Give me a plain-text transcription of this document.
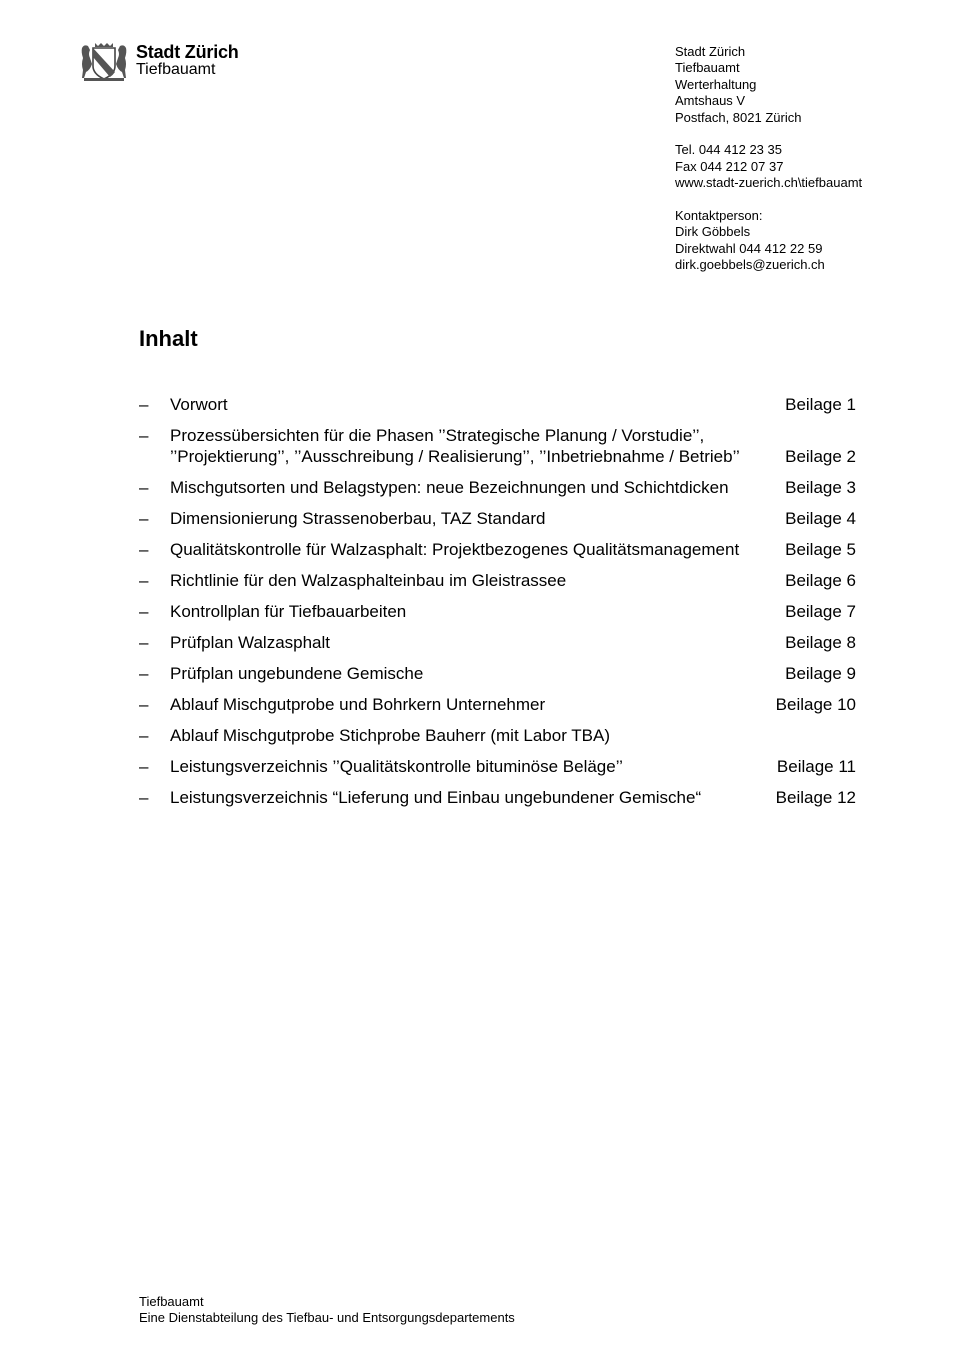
Stadt Zürich
Tiefbauamt
Stadt Zürich
Tiefbauamt
Werterhaltung
Amtshaus V
Postfach, 8021 Zürich
Tel. 044 412 23 35
Fax 044 212 07 37
www.stadt-zuerich.ch\tiefbauamt
Kontaktperson:
Dirk Göbbels
Direktwahl 044 412 22 59
dirk.goebbels@zuerich.ch
Inhalt
– Vorwort	Beilage 1
– Prozessübersichten für die Phasen ’’Strategische Planung / Vorstudie’’,
’’Projektierung’’, ’’Ausschreibung / Realisierung’’, ’’Inbetriebnahme / Betrieb’’	Beilage 2
– Mischgutsorten und Belagstypen: neue Bezeichnungen und Schichtdicken	Beilage 3
– Dimensionierung Strassenoberbau, TAZ Standard	Beilage 4
– Qualitätskontrolle für Walzasphalt: Projektbezogenes Qualitätsmanagement	Beilage 5
– Richtlinie für den Walzasphalteinbau im Gleistrassee	Beilage 6
– Kontrollplan für Tiefbauarbeiten	Beilage 7
– Prüfplan Walzasphalt	Beilage 8
– Prüfplan ungebundene Gemische	Beilage 9
– Ablauf Mischgutprobe und Bohrkern Unternehmer	Beilage 10
– Ablauf Mischgutprobe Stichprobe Bauherr (mit Labor TBA)
– Leistungsverzeichnis ’’Qualitätskontrolle bituminöse Beläge’’	Beilage 11
– Leistungsverzeichnis “Lieferung und Einbau ungebundener Gemische“	Beilage 12
Tiefbauamt
Eine Dienstabteilung des Tiefbau- und Entsorgungsdepartements
